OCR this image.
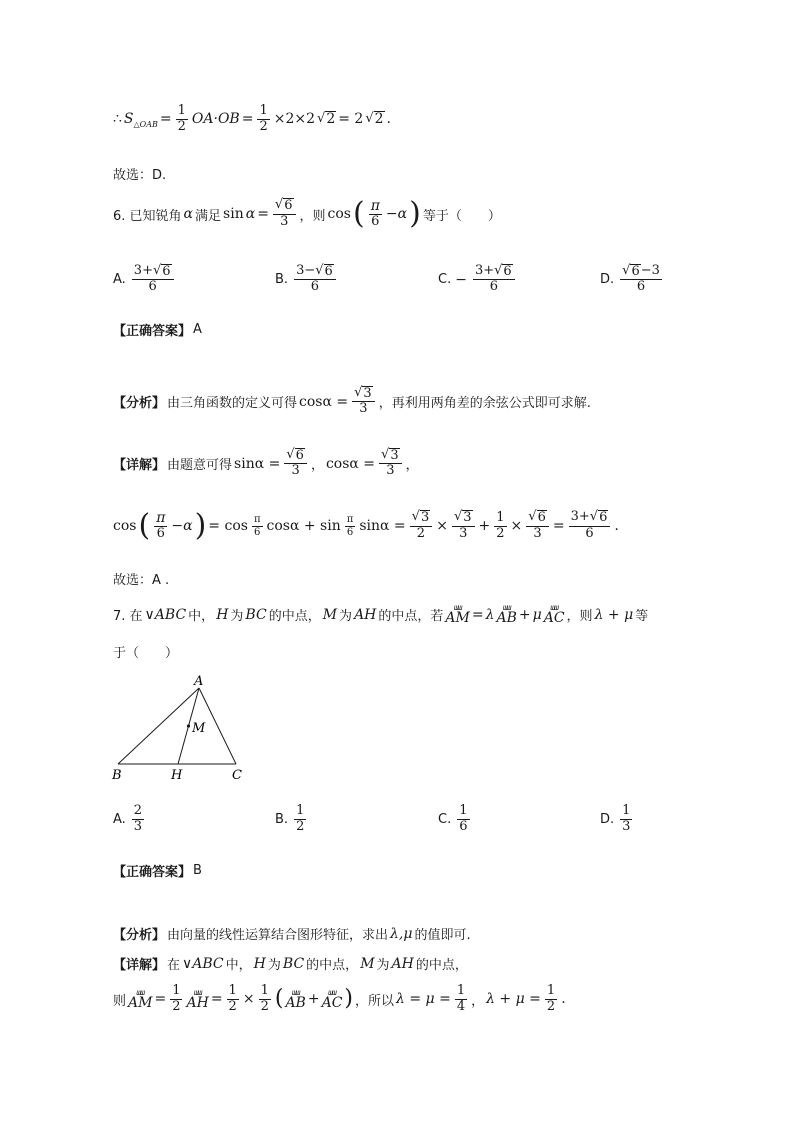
∴ $S_{\triangle OAB} = \frac{1}{2} OA\cdot OB = \frac{1}{2} \times 2\times 2$ √ 2 = 2 √ 2 .
故选：D.
6. 已知锐角 α 满足 $\sin \alpha = \frac{√ 6}{3}$ ，则 cos ( $\frac{\pi}{6} -\alpha$ ) 等于（　　）
A. $\frac{3+ √ 6}{6}$	B. $\frac{3- √ 6}{6}$	C. − $\frac{3+ √ 6}{6}$	D. $\frac{√ 6 -3}{6}$
【正确答案】 A
【分析】 由三角函数的定义可得 $\cos\alpha = \frac{√ 3}{3}$ ，再利用两角差的余弦公式即可求解.
【详解】 由题意可得 $\sin\alpha = \frac{√ 6}{3}$ ， $\cos\alpha = \frac{√ 3}{3}$ ，
cos ( $\frac{\pi}{6} -\alpha$ ) = $\cos \frac{\pi}{6}$ $\cos\alpha + \sin \frac{\pi}{6}$ $\sin\alpha = \frac{√ 3}{2} \times \frac{√ 3}{3} + \frac{1}{2} \times \frac{√ 6}{3} = \frac{3+ √ 6}{6}$ .
故选：A .
7. 在 ∨ABC 中， H 为 BC 的中点， M 为 AH 的中点，若
ɯɯ
AM = λ ɯɯ
AB + μ ɯɯ
AC ，则 λ + μ 等
于（　　）
A
M
B	H	C
A. $\frac{2}{3}$	B. $\frac{1}{2}$	C. $\frac{1}{6}$	D. $\frac{1}{3}$
【正确答案】 B
【分析】 由向量的线性运算结合图形特征，求出 λ,μ 的值即可.
【详解】 在 ∨ABC 中， H 为 BC 的中点， M 为 AH 的中点，
则
ɯɯ
AM = $\frac{1}{2}$ ɯɯ
AH = $\frac{1}{2} \times \frac{1}{2}$ ( ɯɯ
AB + ɯɯ
AC ) ，所以 $\lambda = \mu = \frac{1}{4}$ ， $\lambda + \mu = \frac{1}{2}$ .
